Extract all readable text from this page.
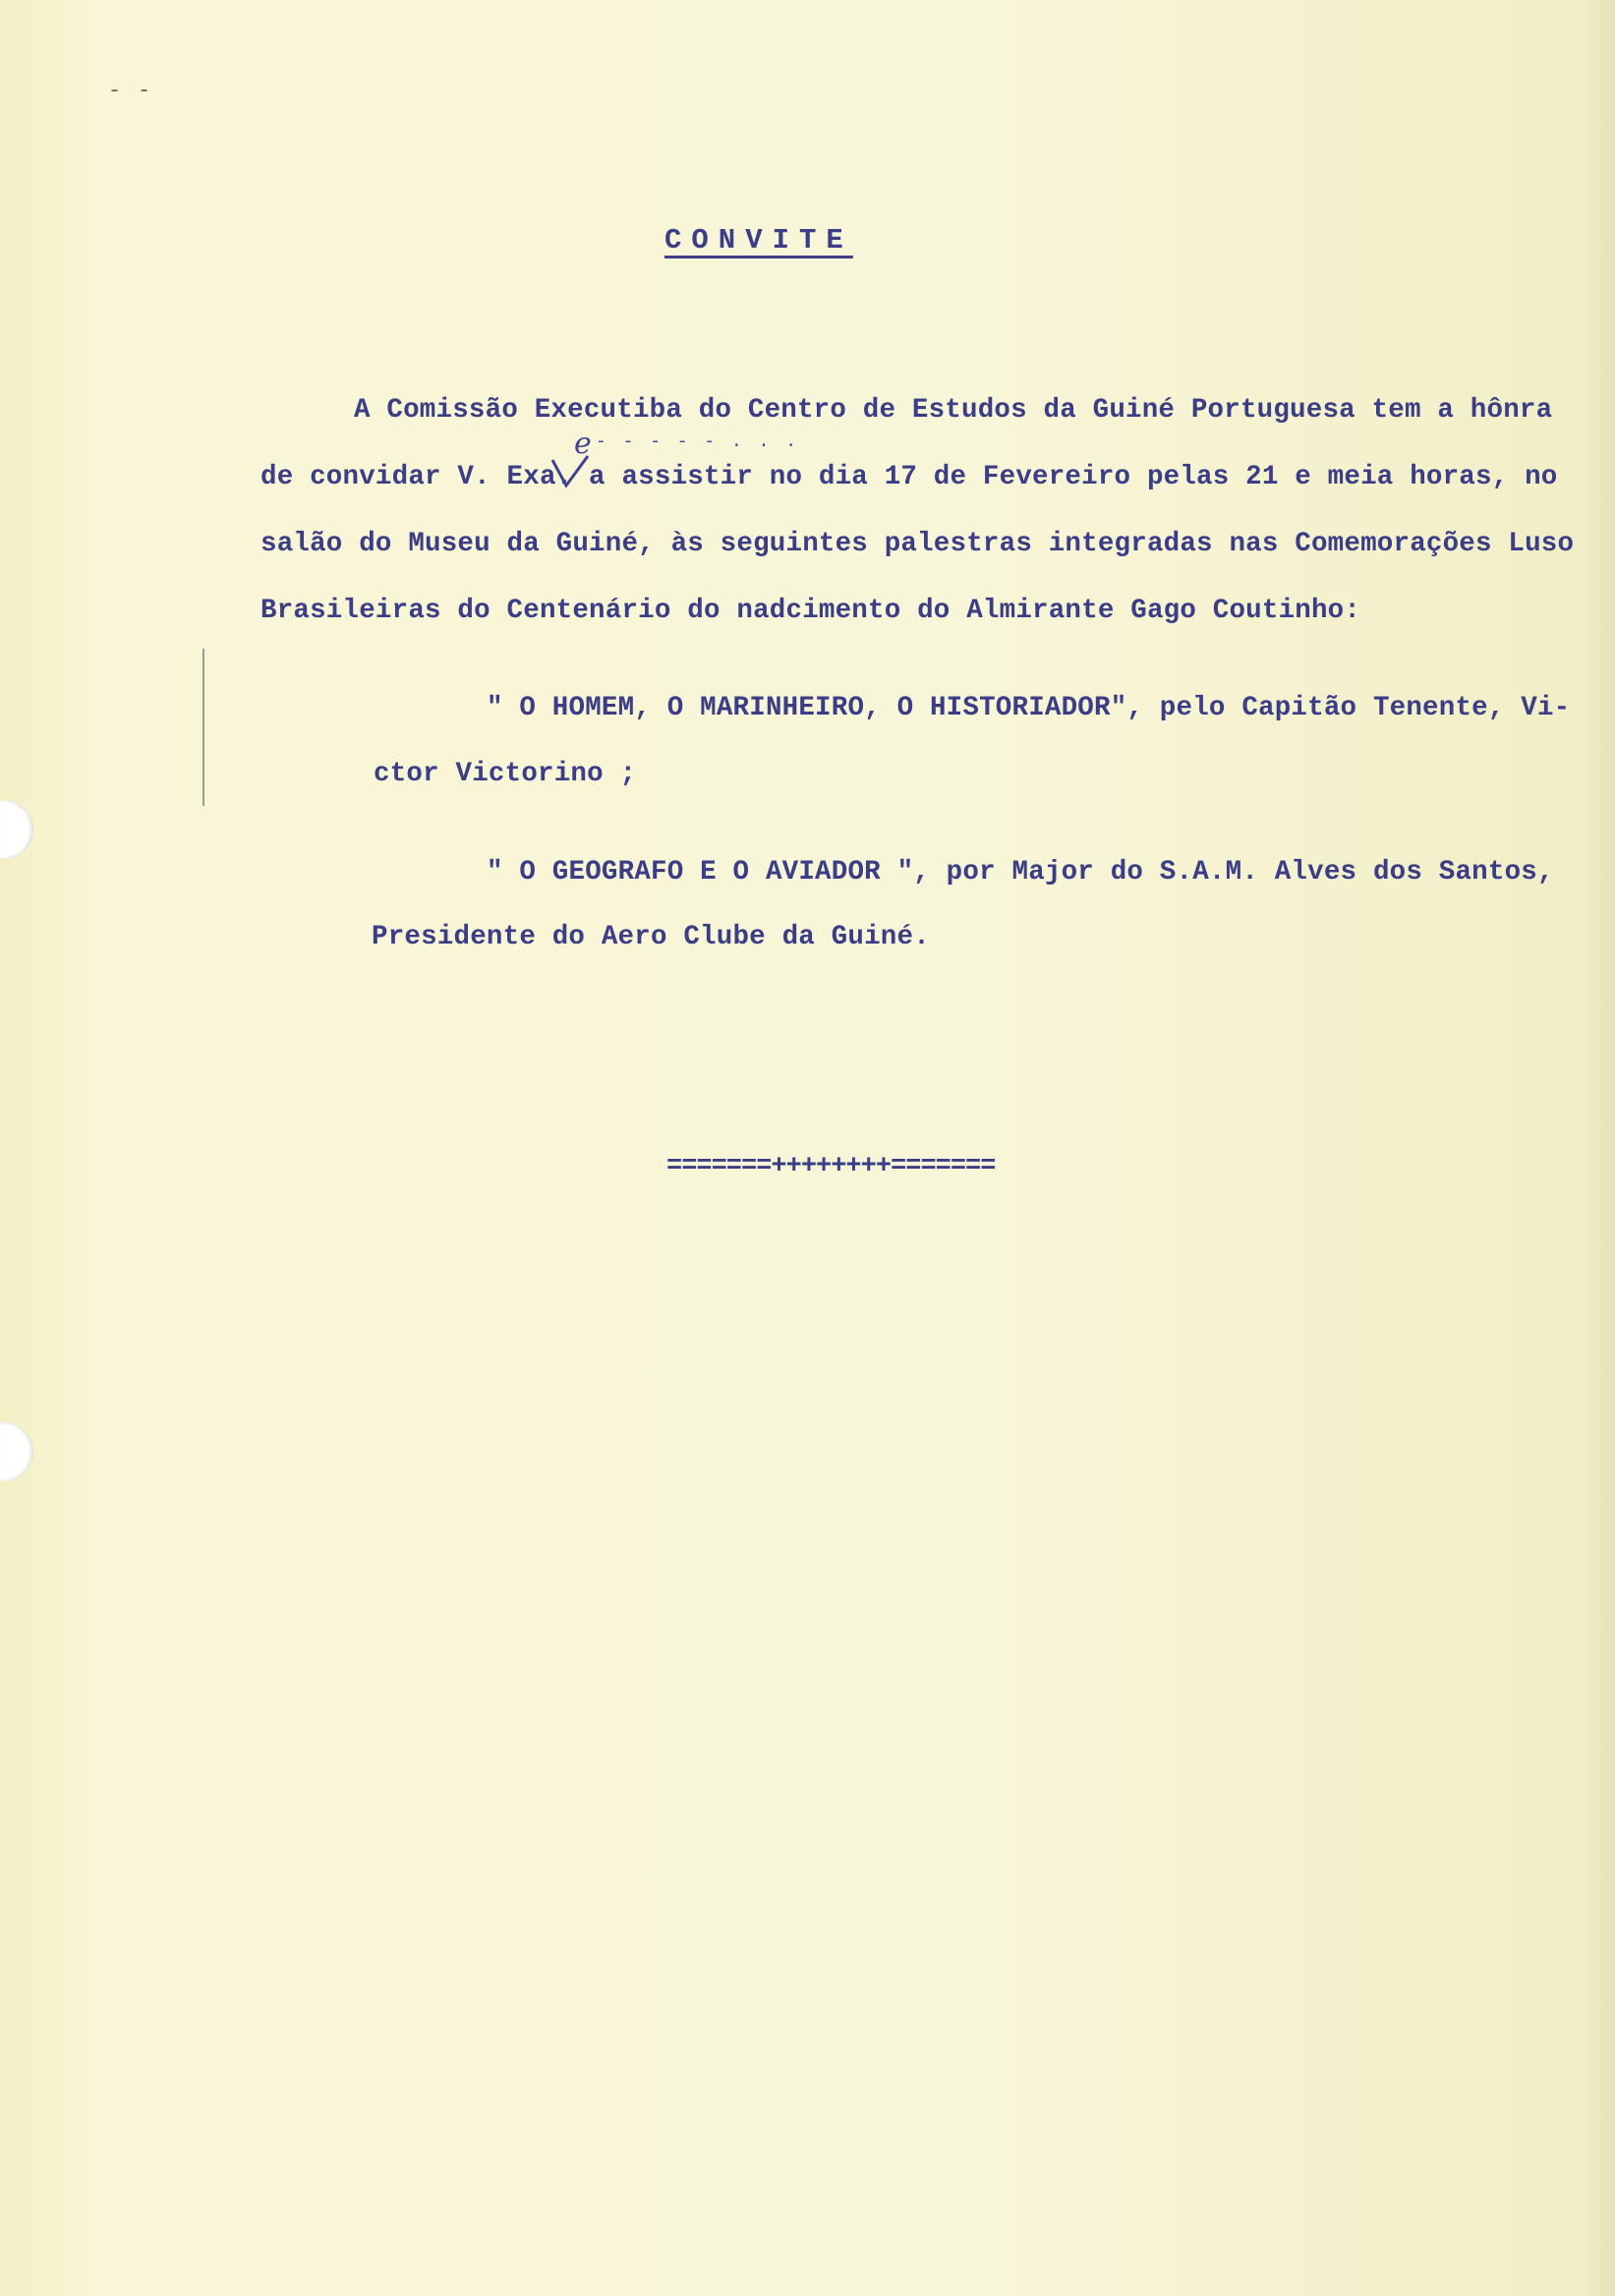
- -
CONVITE
A Comissão Executiba do Centro de Estudos da Guiné Portuguesa tem a hônra
de convidar V. Exa. a assistir no dia 17 de Fevereiro pelas 21 e meia horas, no
salão do Museu da Guiné, às seguintes palestras integradas nas Comemorações Luso
Brasileiras do Centenário do nadcimento do Almirante Gago Coutinho:
e - - - - - . . .
" O HOMEM, O MARINHEIRO, O HISTORIADOR", pelo Capitão Tenente, Vi-
ctor Victorino ;
" O GEOGRAFO E O AVIADOR ", por Major do S.A.M. Alves dos Santos,
Presidente do Aero Clube da Guiné.
=======++++++++=======
